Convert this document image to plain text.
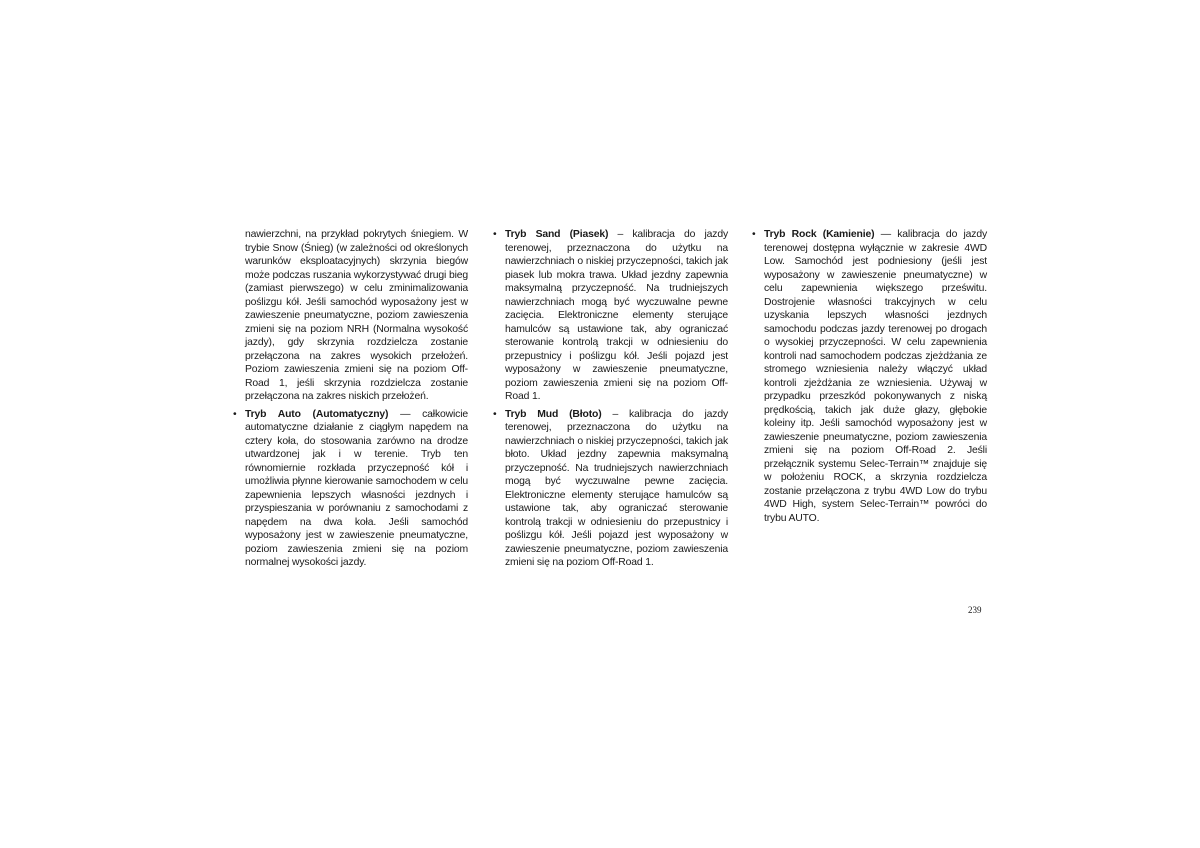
nawierzchni, na przykład pokrytych śniegiem. W trybie Snow (Śnieg) (w zależności od określonych warunków eksploatacyjnych) skrzynia biegów może podczas ruszania wykorzystywać drugi bieg (zamiast pierwszego) w celu zminimalizowania poślizgu kół. Jeśli samochód wyposażony jest w zawieszenie pneumatyczne, poziom zawieszenia zmieni się na poziom NRH (Normalna wysokość jazdy), gdy skrzynia rozdzielcza zostanie przełączona na zakres wysokich przełożeń. Poziom zawieszenia zmieni się na poziom Off-Road 1, jeśli skrzynia rozdzielcza zostanie przełączona na zakres niskich przełożeń.

• Tryb Auto (Automatyczny) — całkowicie automatyczne działanie z ciągłym napędem na cztery koła, do stosowania zarówno na drodze utwardzonej jak i w terenie. Tryb ten równomiernie rozkłada przyczepność kół i umożliwia płynne kierowanie samochodem w celu zapewnienia lepszych własności jezdnych i przyspieszania w porównaniu z samochodami z napędem na dwa koła. Jeśli samochód wyposażony jest w zawieszenie pneumatyczne, poziom zawieszenia zmieni się na poziom normalnej wysokości jazdy.
• Tryb Sand (Piasek) – kalibracja do jazdy terenowej, przeznaczona do użytku na nawierzchniach o niskiej przyczepności, takich jak piasek lub mokra trawa. Układ jezdny zapewnia maksymalną przyczepność. Na trudniejszych nawierzchniach mogą być wyczuwalne pewne zacięcia. Elektroniczne elementy sterujące hamulców są ustawione tak, aby ograniczać sterowanie kontrolą trakcji w odniesieniu do przepustnicy i poślizgu kół. Jeśli pojazd jest wyposażony w zawieszenie pneumatyczne, poziom zawieszenia zmieni się na poziom Off-Road 1.
• Tryb Mud (Błoto) – kalibracja do jazdy terenowej, przeznaczona do użytku na nawierzchniach o niskiej przyczepności, takich jak błoto. Układ jezdny zapewnia maksymalną przyczepność. Na trudniejszych nawierzchniach mogą być wyczuwalne pewne zacięcia. Elektroniczne elementy sterujące hamulców są ustawione tak, aby ograniczać sterowanie kontrolą trakcji w odniesieniu do przepustnicy i poślizgu kół. Jeśli pojazd jest wyposażony w zawieszenie pneumatyczne, poziom zawieszenia zmieni się na poziom Off-Road 1.
• Tryb Rock (Kamienie) — kalibracja do jazdy terenowej dostępna wyłącznie w zakresie 4WD Low. Samochód jest podniesiony (jeśli jest wyposażony w zawieszenie pneumatyczne) w celu zapewnienia większego prześwitu. Dostrojenie własności trakcyjnych w celu uzyskania lepszych własności jezdnych samochodu podczas jazdy terenowej po drogach o wysokiej przyczepności. W celu zapewnienia kontroli nad samochodem podczas zjeżdżania ze stromego wzniesienia należy włączyć układ kontroli zjeżdżania ze wzniesienia. Używaj w przypadku przeszkód pokonywanych z niską prędkością, takich jak duże głazy, głębokie koleiny itp. Jeśli samochód wyposażony jest w zawieszenie pneumatyczne, poziom zawieszenia zmieni się na poziom Off-Road 2. Jeśli przełącznik systemu Selec-Terrain™ znajduje się w położeniu ROCK, a skrzynia rozdzielcza zostanie przełączona z trybu 4WD Low do trybu 4WD High, system Selec-Terrain™ powróci do trybu AUTO.
239
